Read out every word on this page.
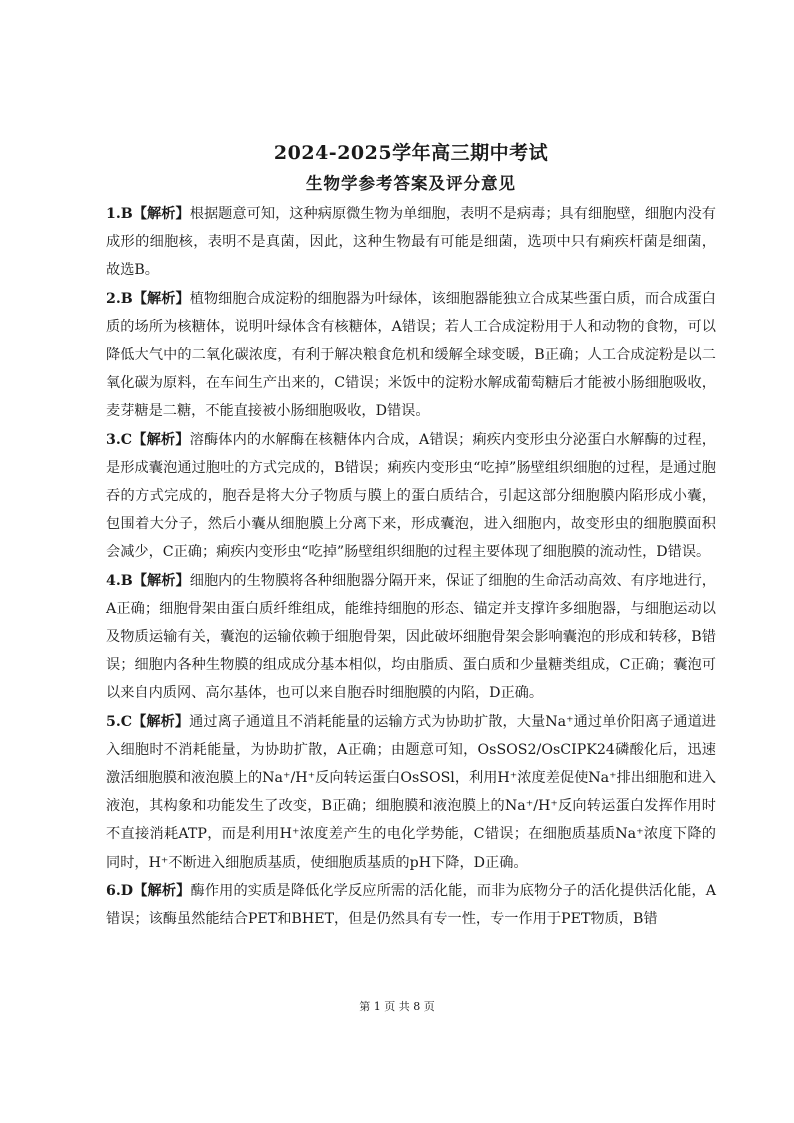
2024-2025学年高三期中考试
生物学参考答案及评分意见

1.B【解析】根据题意可知，这种病原微生物为单细胞，表明不是病毒；具有细胞壁，细胞内没有成形的细胞核，表明不是真菌，因此，这种生物最有可能是细菌，选项中只有痢疾杆菌是细菌，故选B。

2.B【解析】植物细胞合成淀粉的细胞器为叶绿体，该细胞器能独立合成某些蛋白质，而合成蛋白质的场所为核糖体，说明叶绿体含有核糖体，A错误；若人工合成淀粉用于人和动物的食物，可以降低大气中的二氧化碳浓度，有利于解决粮食危机和缓解全球变暖，B正确；人工合成淀粉是以二氧化碳为原料，在车间生产出来的，C错误；米饭中的淀粉水解成葡萄糖后才能被小肠细胞吸收，麦芽糖是二糖，不能直接被小肠细胞吸收，D错误。

3.C【解析】溶酶体内的水解酶在核糖体内合成，A错误；痢疾内变形虫分泌蛋白水解酶的过程，是形成囊泡通过胞吐的方式完成的，B错误；痢疾内变形虫“吃掉”肠壁组织细胞的过程，是通过胞吞的方式完成的，胞吞是将大分子物质与膜上的蛋白质结合，引起这部分细胞膜内陷形成小囊，包围着大分子，然后小囊从细胞膜上分离下来，形成囊泡，进入细胞内，故变形虫的细胞膜面积会减少，C正确；痢疾内变形虫“吃掉”肠壁组织细胞的过程主要体现了细胞膜的流动性，D错误。

4.B【解析】细胞内的生物膜将各种细胞器分隔开来，保证了细胞的生命活动高效、有序地进行，A正确；细胞骨架由蛋白质纤维组成，能维持细胞的形态、锚定并支撑许多细胞器，与细胞运动以及物质运输有关，囊泡的运输依赖于细胞骨架，因此破坏细胞骨架会影响囊泡的形成和转移，B错误；细胞内各种生物膜的组成成分基本相似，均由脂质、蛋白质和少量糖类组成，C正确；囊泡可以来自内质网、高尔基体，也可以来自胞吞时细胞膜的内陷，D正确。

5.C【解析】通过离子通道且不消耗能量的运输方式为协助扩散，大量Na⁺通过单价阳离子通道进入细胞时不消耗能量，为协助扩散，A正确；由题意可知，OsSOS2/OsCIPK24磷酸化后，迅速激活细胞膜和液泡膜上的Na⁺/H⁺反向转运蛋白OsSOSl，利用H⁺浓度差促使Na⁺排出细胞和进入液泡，其构象和功能发生了改变，B正确；细胞膜和液泡膜上的Na⁺/H⁺反向转运蛋白发挥作用时不直接消耗ATP，而是利用H⁺浓度差产生的电化学势能，C错误；在细胞质基质Na⁺浓度下降的同时，H⁺不断进入细胞质基质，使细胞质基质的pH下降，D正确。

6.D【解析】酶作用的实质是降低化学反应所需的活化能，而非为底物分子的活化提供活化能，A错误；该酶虽然能结合PET和BHET，但是仍然具有专一性，专一作用于PET物质，B错

第 1 页 共 8 页
